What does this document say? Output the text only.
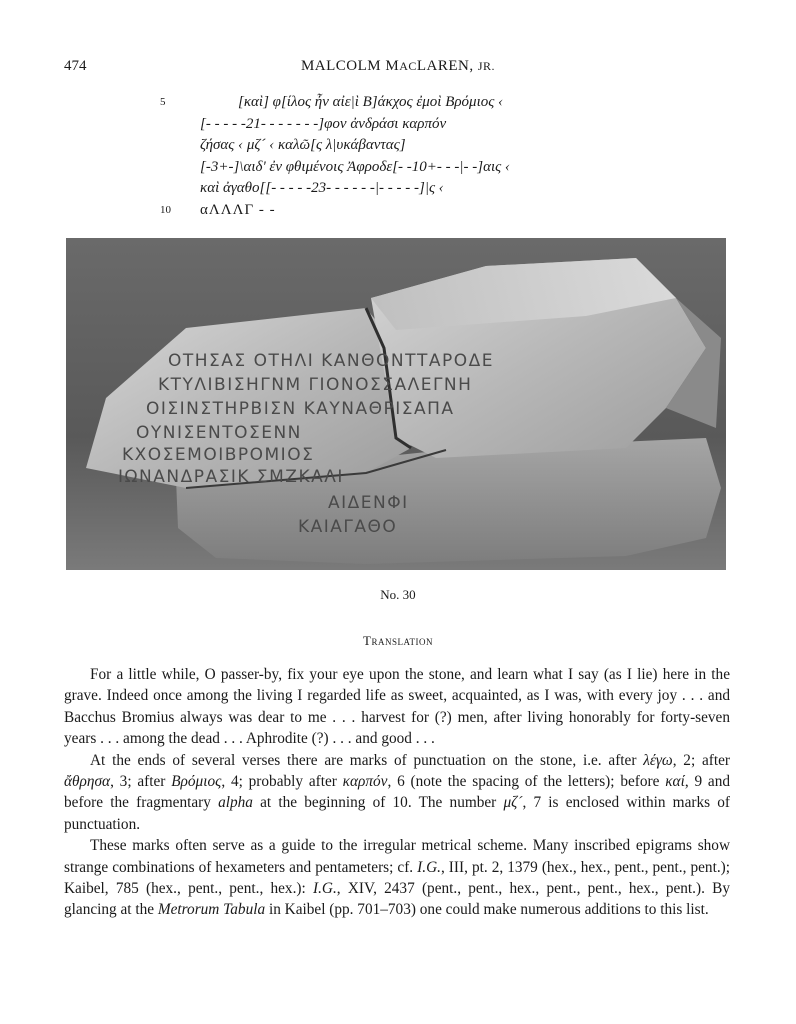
474	MALCOLM MACLAREN, JR.
5	[καὶ] φ[ίλος ἦν αἰε|ὶ Β]άκχος ἐμοὶ Βρόμιος ‹
[- - - - -21- - - - - - -]φον ἀνδράσι καρπόν
ζήσας ‹ μζ´ ‹ καλῶ[ς λ|υκάβαντας]
[-3+-]\αιδ' ἐν φθιμένοις Ἀφροδε[- -10+- - -|- -]αις ‹
καὶ ἀγαθο[[- - - - -23- - - - - -|- - - - -]|ς ‹
10 αΛΛΛΓ - -
ΟΤΗΣΑΣ ΟΤΗΛΙ ΚΑΝΘΟΝΤΤΑΡΟΔΕ
ΚΤΥΛΙΒΙΣΗΓΝΜ ΓΙΟΝΟΣΣΑΛΕΓΝΗ
ΟΙΣΙΝΣΤΗΡΒΙΣΝ ΚΑΥΝΑΘΡΙΣΑΠΑ
ΟΥΝΙΣΕΝΤΟΣΕΝΝ
ΚΧΟΣΕΜΟΙΒΡΟΜΙΟΣ
ΙΩΝΑΝΔΡΑΣΙΚ ΣΜΖΚΑΛΙ
ΑΙΔΕΝΦΙ
ΚΑΙΑΓΑΘΟ
No. 30
Translation

For a little while, O passer-by, fix your eye upon the stone, and learn what I say (as I lie) here in the grave. Indeed once among the living I regarded life as sweet, acquainted, as I was, with every joy . . . and Bacchus Bromius always was dear to me . . . harvest for (?) men, after living honorably for forty-seven years . . . among the dead . . . Aphrodite (?) . . . and good . . .

At the ends of several verses there are marks of punctuation on the stone, i.e. after λέγω, 2; after ἄθρησα, 3; after Βρόμιος, 4; probably after καρπόν, 6 (note the spacing of the letters); before καί, 9 and before the fragmentary alpha at the beginning of 10. The number μζ´, 7 is enclosed within marks of punctuation.

These marks often serve as a guide to the irregular metrical scheme. Many inscribed epigrams show strange combinations of hexameters and pentameters; cf. I.G., III, pt. 2, 1379 (hex., hex., pent., pent., pent.); Kaibel, 785 (hex., pent., pent., hex.): I.G., XIV, 2437 (pent., pent., hex., pent., pent., hex., pent.). By glancing at the Metrorum Tabula in Kaibel (pp. 701–703) one could make numerous additions to this list.
